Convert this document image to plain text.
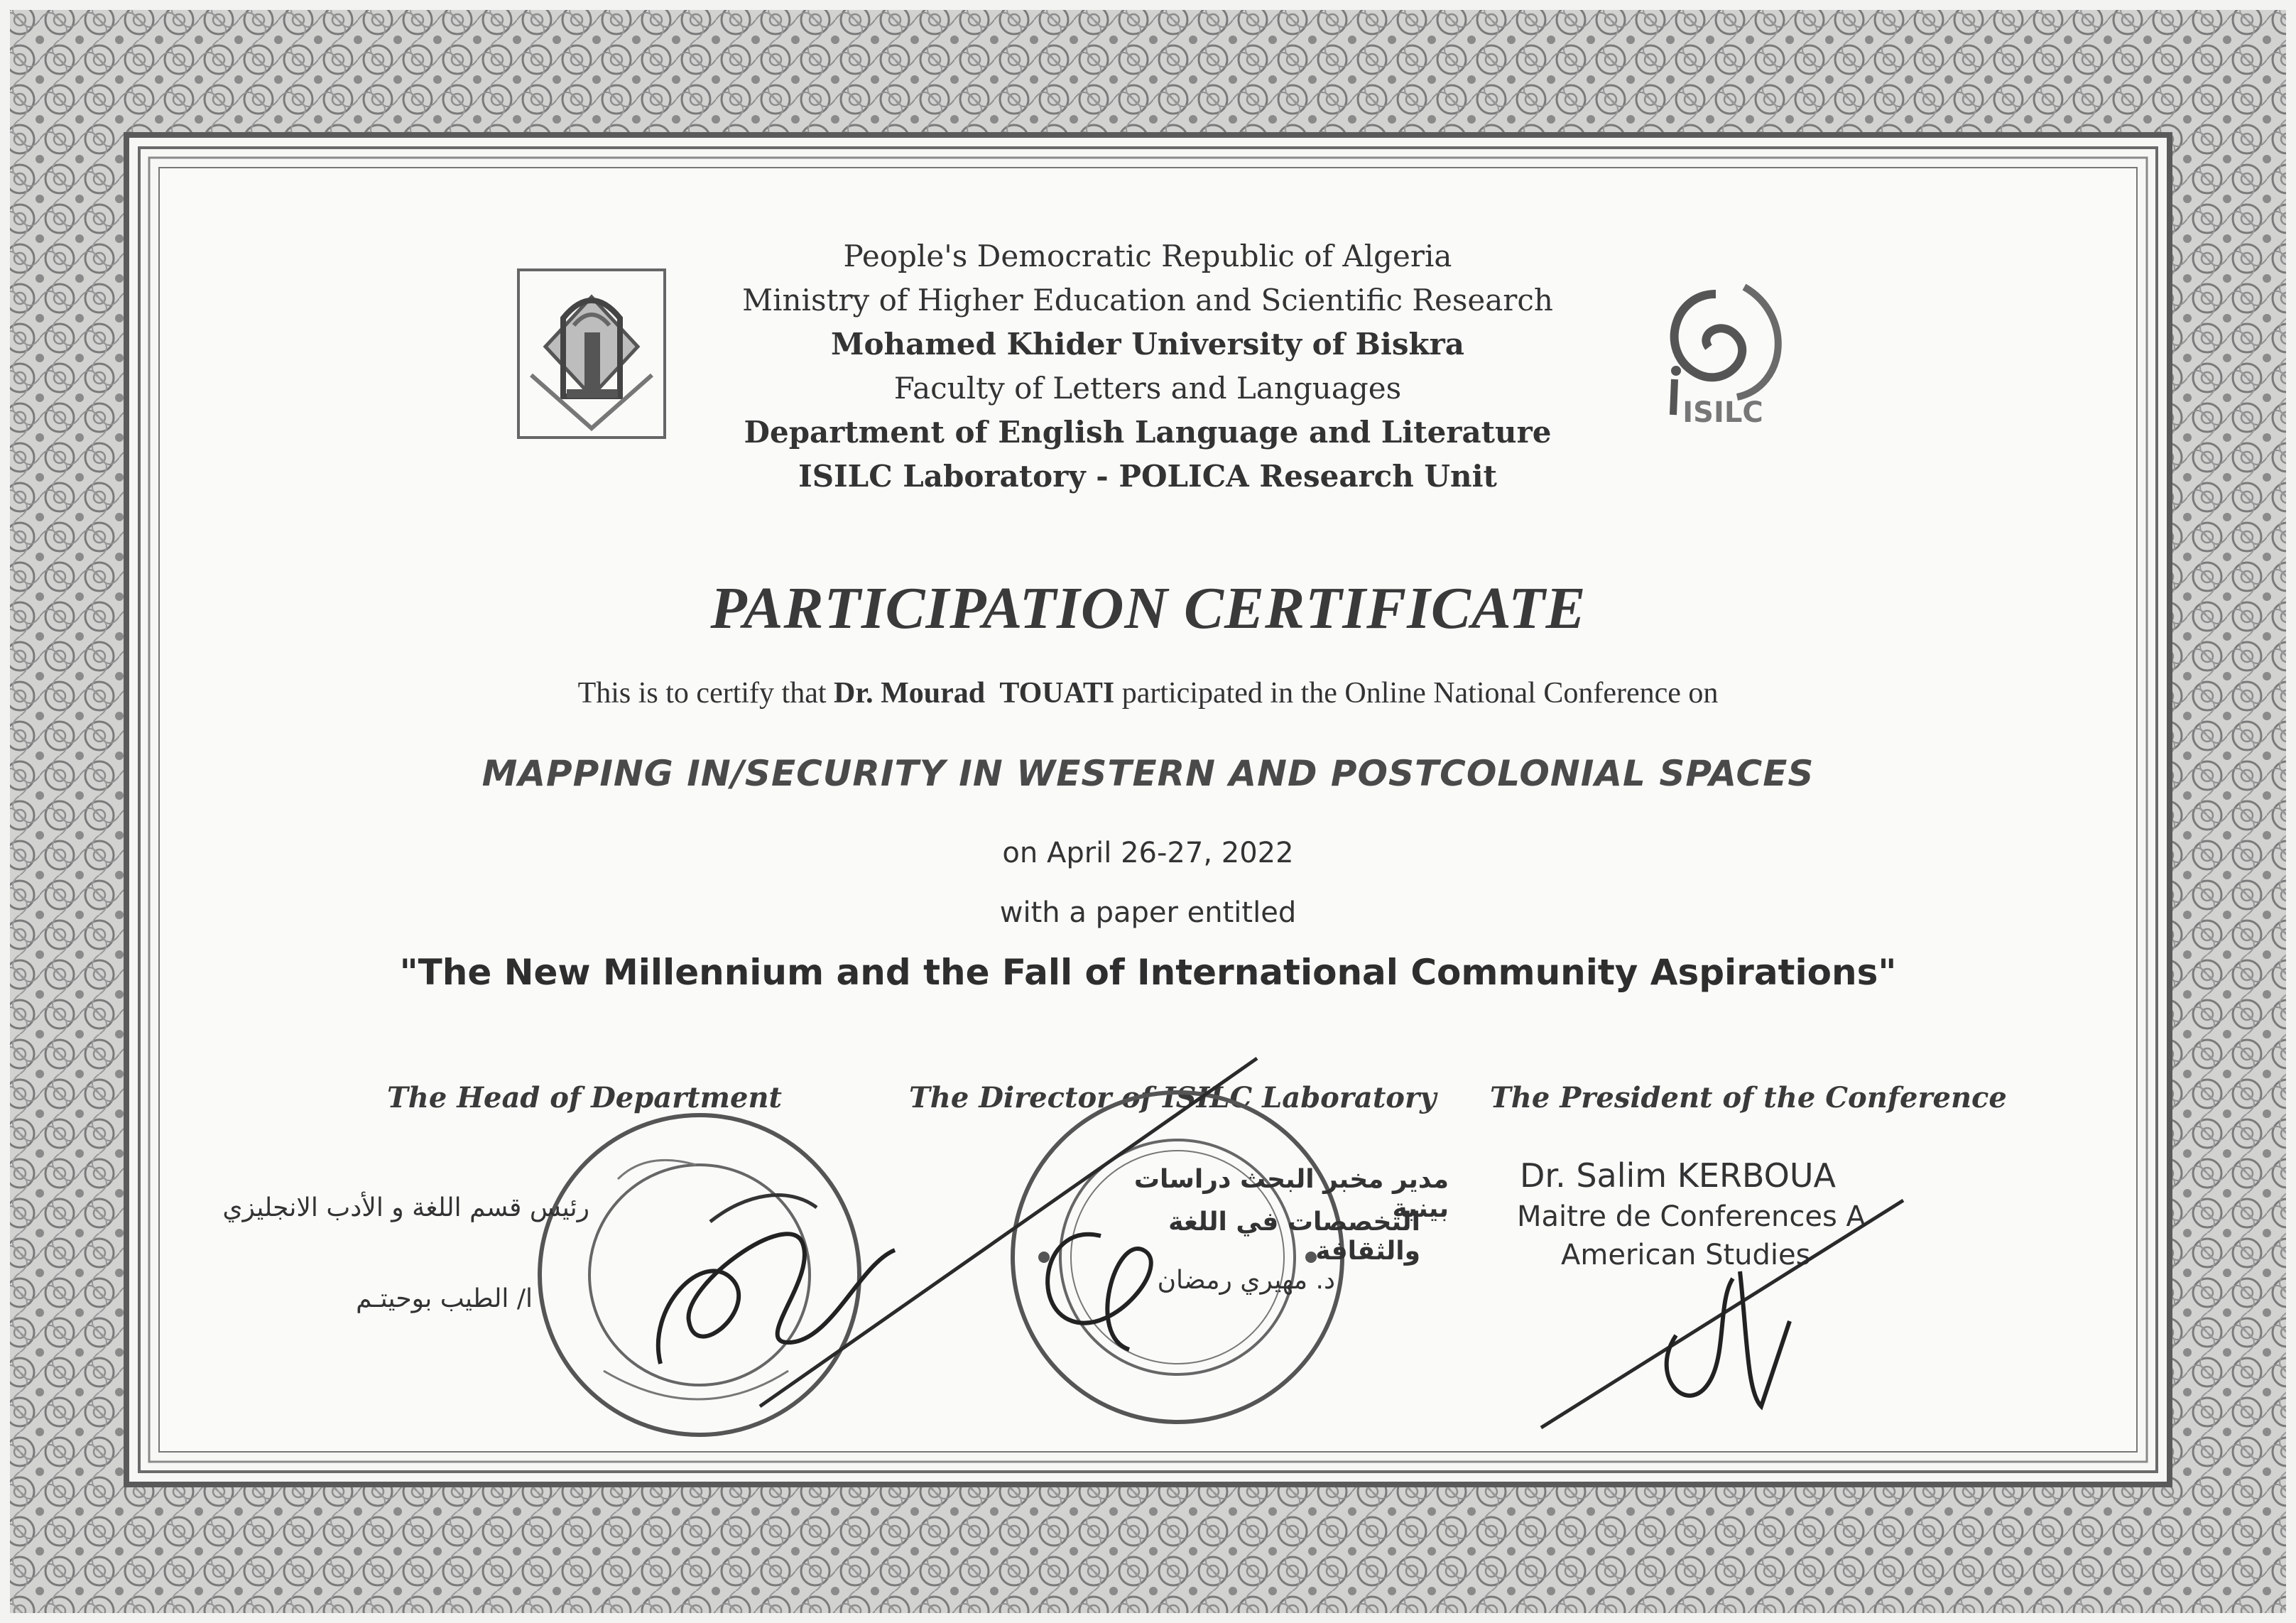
ISILC
People's Democratic Republic of Algeria
Ministry of Higher Education and Scientific Research
Mohamed Khider University of Biskra
Faculty of Letters and Languages
Department of English Language and Literature
ISILC Laboratory - POLICA Research Unit
PARTICIPATION CERTIFICATE
This is to certify that Dr. Mourad  TOUATI participated in the Online National Conference on
MAPPING IN/SECURITY IN WESTERN AND POSTCOLONIAL SPACES
on April 26-27, 2022
with a paper entitled
"The New Millennium and the Fall of International Community Aspirations"
The Head of Department	The Director of ISILC Laboratory The President of the Conference
رئيس قسم اللغة و الأدب الانجليزي
ا/ الطيب بوحيتـم
مدير مخبر البحث دراسات بينية
التخصصات في اللغة والثقافة
د. مهيري رمضان
Dr. Salim KERBOUA
Maitre de Conferences A
American Studies
